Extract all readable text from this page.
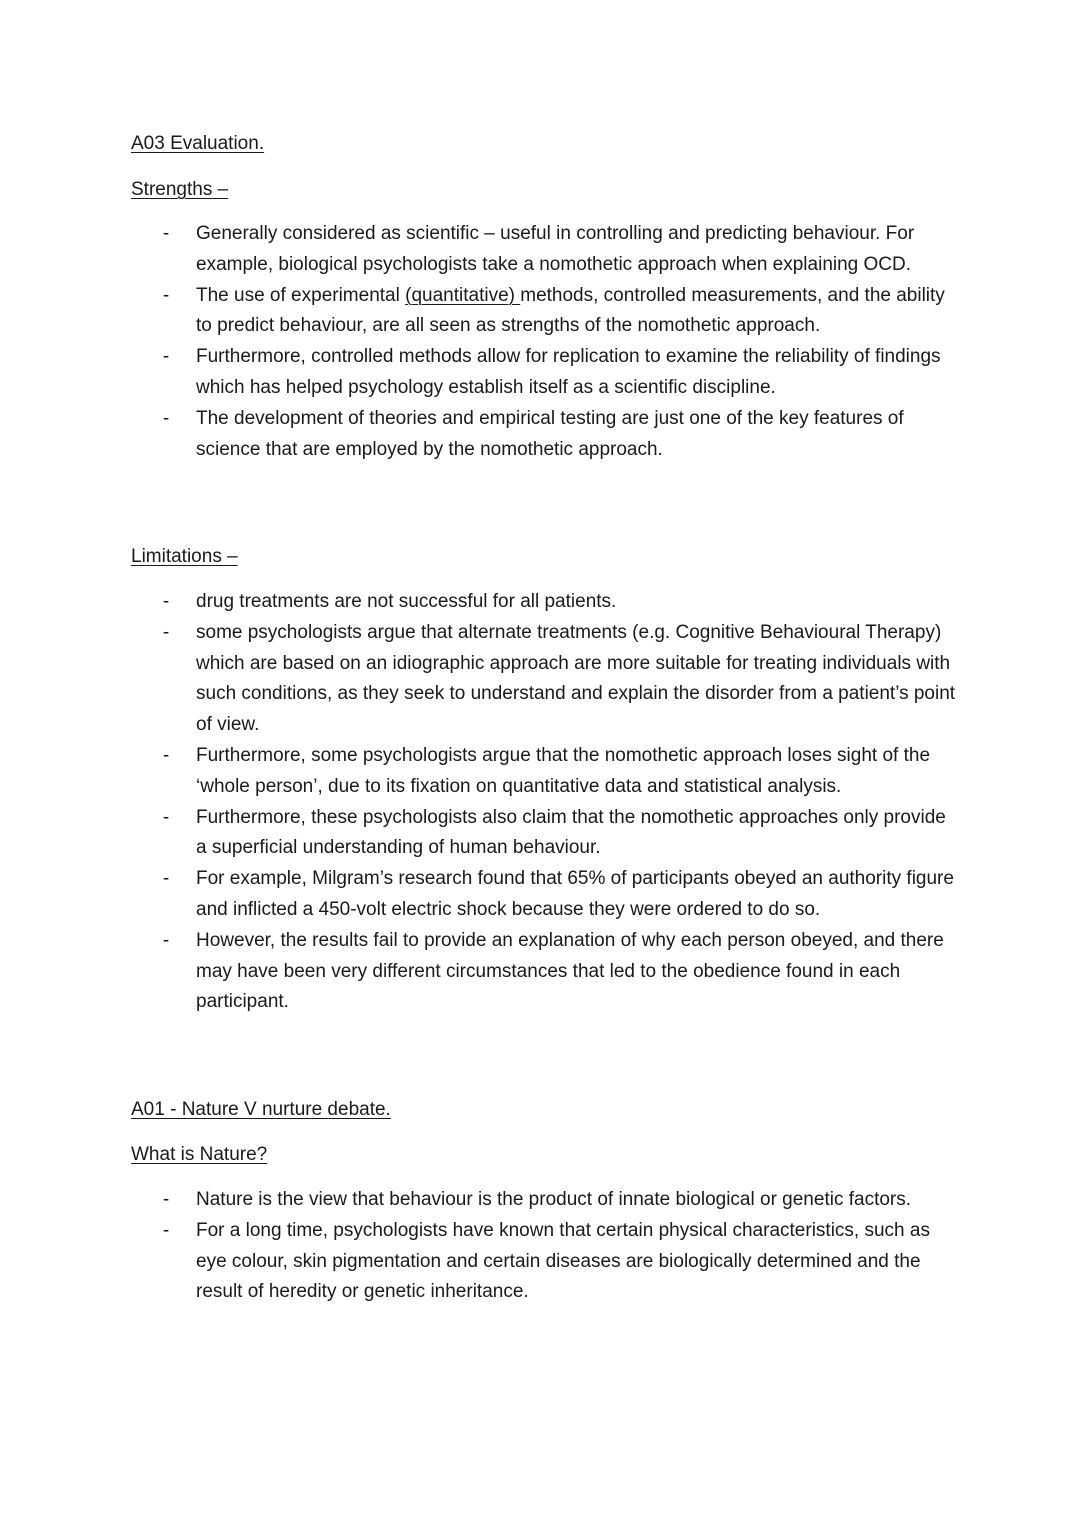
A03 Evaluation.
Strengths –
- Generally considered as scientific – useful in controlling and predicting behaviour. For example, biological psychologists take a nomothetic approach when explaining OCD.
- The use of experimental (quantitative) methods, controlled measurements, and the ability to predict behaviour, are all seen as strengths of the nomothetic approach.
- Furthermore, controlled methods allow for replication to examine the reliability of findings which has helped psychology establish itself as a scientific discipline.
- The development of theories and empirical testing are just one of the key features of science that are employed by the nomothetic approach.
Limitations –
- drug treatments are not successful for all patients.
- some psychologists argue that alternate treatments (e.g. Cognitive Behavioural Therapy) which are based on an idiographic approach are more suitable for treating individuals with such conditions, as they seek to understand and explain the disorder from a patient’s point of view.
- Furthermore, some psychologists argue that the nomothetic approach loses sight of the ‘whole person’, due to its fixation on quantitative data and statistical analysis.
- Furthermore, these psychologists also claim that the nomothetic approaches only provide a superficial understanding of human behaviour.
- For example, Milgram’s research found that 65% of participants obeyed an authority figure and inflicted a 450-volt electric shock because they were ordered to do so.
- However, the results fail to provide an explanation of why each person obeyed, and there may have been very different circumstances that led to the obedience found in each participant.
A01 - Nature V nurture debate.
What is Nature?
- Nature is the view that behaviour is the product of innate biological or genetic factors.
- For a long time, psychologists have known that certain physical characteristics, such as eye colour, skin pigmentation and certain diseases are biologically determined and the result of heredity or genetic inheritance.
